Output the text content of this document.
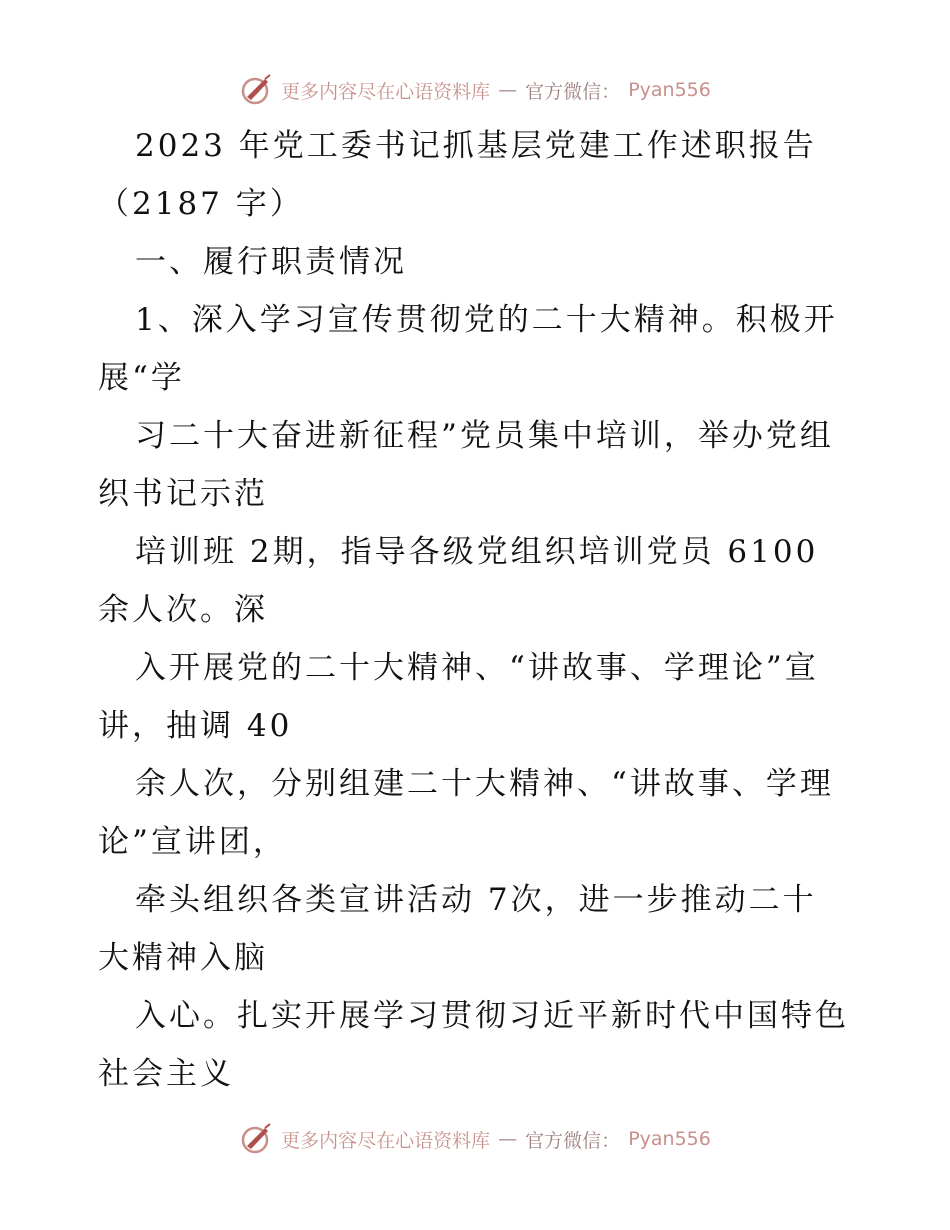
更多内容尽在心语资料库 — 官方微信： Pyan556
2023 年党工委书记抓基层党建工作述职报告
（2187 字）
一、履行职责情况
1、深入学习宣传贯彻党的二十大精神。积极开
展“学
习二十大奋进新征程”党员集中培训，举办党组
织书记示范
培训班 2期，指导各级党组织培训党员 6100
余人次。深
入开展党的二十大精神、“讲故事、学理论”宣
讲，抽调 40
余人次，分别组建二十大精神、“讲故事、学理
论”宣讲团，
牵头组织各类宣讲活动 7次，进一步推动二十
大精神入脑
入心。扎实开展学习贯彻习近平新时代中国特色
社会主义
更多内容尽在心语资料库 — 官方微信： Pyan556
